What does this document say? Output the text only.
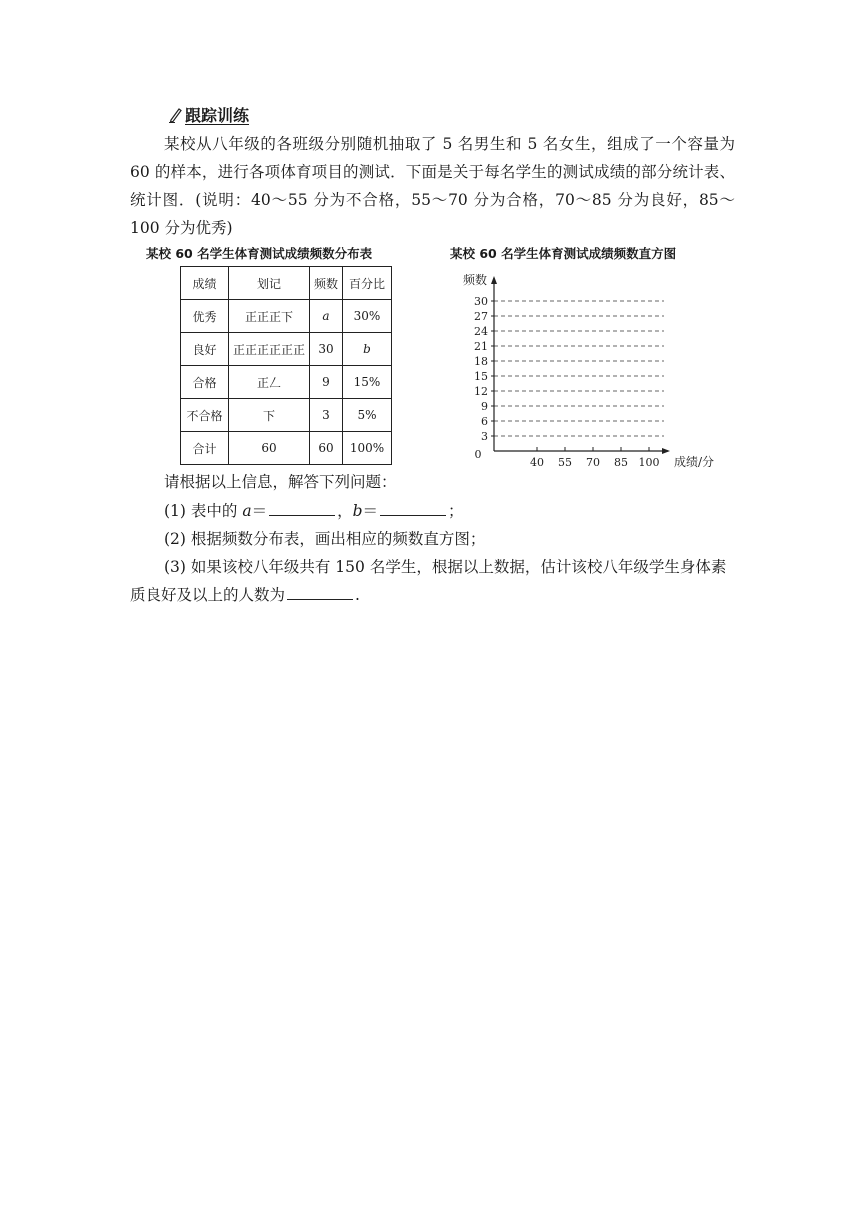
跟踪训练
某校从八年级的各班级分别随机抽取了 5 名男生和 5 名女生，组成了一个容量为 60 的样本，进行各项体育项目的测试．下面是关于每名学生的测试成绩的部分统计表、统计图．(说明：40～55 分为不合格，55～70 分为合格，70～85 分为良好，85～100 分为优秀)
某校 60 名学生体育测试成绩频数分布表	某校 60 名学生体育测试成绩频数直方图
成绩	划记	频数	百分比
优秀	正正正下	a	30%
良好	正正正正正正	30	b
合格	正𠃋	9	15%
不合格	下	3	5%
合计	60	60	100%
3
6
9
12
15
18
21
24
27
30
40 55 70 85 100
0
频数
成绩/分
请根据以上信息，解答下列问题：
(1) 表中的 a＝	，b＝	；
(2) 根据频数分布表，画出相应的频数直方图；
(3) 如果该校八年级共有 150 名学生，根据以上数据，估计该校八年级学生身体素质良好及以上的人数为	.
